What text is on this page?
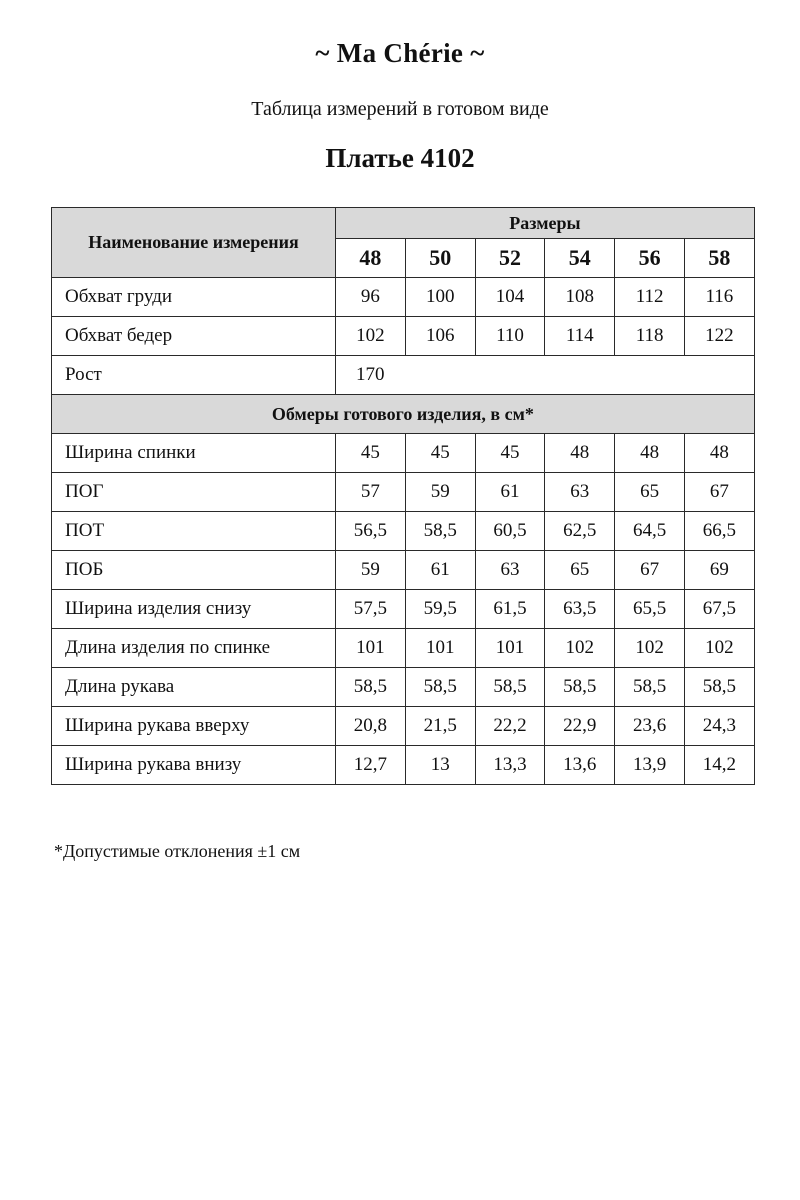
~ Ma Chérie ~
Таблица измерений в готовом виде
Платье 4102
Наименование измерения	Размеры					
	48	50	52	54	56	58
Обхват груди	96	100	104	108	112	116
Обхват бедер	102	106	110	114	118	122
Рост	170					
Обмеры готового изделия, в см*						
Ширина спинки	45	45	45	48	48	48
ПОГ	57	59	61	63	65	67
ПОТ	56,5	58,5	60,5	62,5	64,5	66,5
ПОБ	59	61	63	65	67	69
Ширина изделия снизу	57,5	59,5	61,5	63,5	65,5	67,5
Длина изделия по спинке	101	101	101	102	102	102
Длина рукава	58,5	58,5	58,5	58,5	58,5	58,5
Ширина рукава вверху	20,8	21,5	22,2	22,9	23,6	24,3
Ширина рукава внизу	12,7	13	13,3	13,6	13,9	14,2
*Допустимые отклонения ±1 см
